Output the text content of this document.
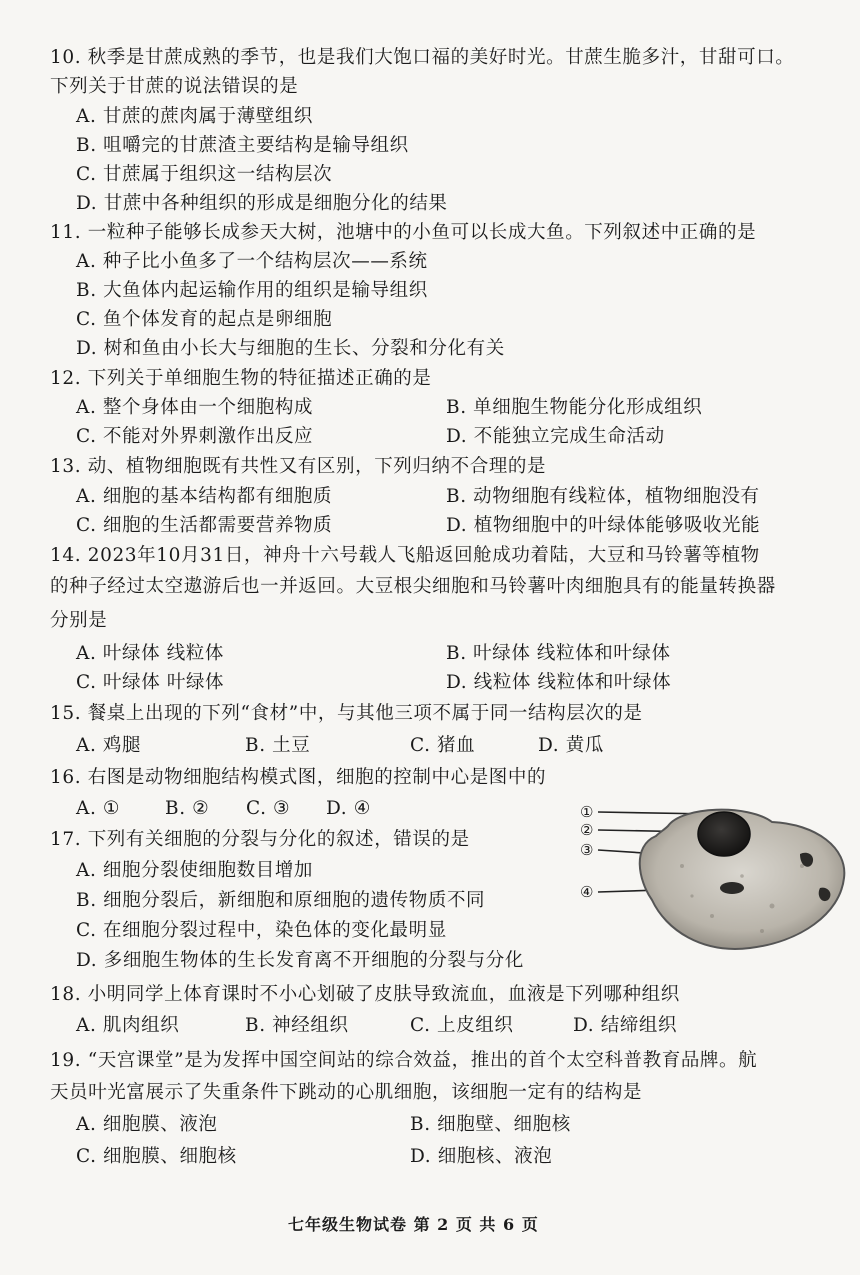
10. 秋季是甘蔗成熟的季节，也是我们大饱口福的美好时光。甘蔗生脆多汁，甘甜可口。
下列关于甘蔗的说法错误的是
A. 甘蔗的蔗肉属于薄壁组织
B. 咀嚼完的甘蔗渣主要结构是输导组织
C. 甘蔗属于组织这一结构层次
D. 甘蔗中各种组织的形成是细胞分化的结果
11. 一粒种子能够长成参天大树，池塘中的小鱼可以长成大鱼。下列叙述中正确的是
A. 种子比小鱼多了一个结构层次——系统
B. 大鱼体内起运输作用的组织是输导组织
C. 鱼个体发育的起点是卵细胞
D. 树和鱼由小长大与细胞的生长、分裂和分化有关
12. 下列关于单细胞生物的特征描述正确的是
A. 整个身体由一个细胞构成	B. 单细胞生物能分化形成组织
C. 不能对外界刺激作出反应	D. 不能独立完成生命活动
13. 动、植物细胞既有共性又有区别，下列归纳不合理的是
A. 细胞的基本结构都有细胞质	B. 动物细胞有线粒体，植物细胞没有
C. 细胞的生活都需要营养物质	D. 植物细胞中的叶绿体能够吸收光能
14. 2023年10月31日，神舟十六号载人飞船返回舱成功着陆，大豆和马铃薯等植物
的种子经过太空遨游后也一并返回。大豆根尖细胞和马铃薯叶肉细胞具有的能量转换器
分别是
A. 叶绿体 线粒体	B. 叶绿体 线粒体和叶绿体
C. 叶绿体 叶绿体	D. 线粒体 线粒体和叶绿体
15. 餐桌上出现的下列“食材”中，与其他三项不属于同一结构层次的是
A. 鸡腿	B. 土豆	C. 猪血	D. 黄瓜
16. 右图是动物细胞结构模式图，细胞的控制中心是图中的
A. ① B. ② C. ③ D. ④
17. 下列有关细胞的分裂与分化的叙述，错误的是
A. 细胞分裂使细胞数目增加
B. 细胞分裂后，新细胞和原细胞的遗传物质不同
C. 在细胞分裂过程中，染色体的变化最明显
D. 多细胞生物体的生长发育离不开细胞的分裂与分化
18. 小明同学上体育课时不小心划破了皮肤导致流血，血液是下列哪种组织
A. 肌肉组织	B. 神经组织	C. 上皮组织	D. 结缔组织
19. “天宫课堂”是为发挥中国空间站的综合效益，推出的首个太空科普教育品牌。航
天员叶光富展示了失重条件下跳动的心肌细胞，该细胞一定有的结构是
A. 细胞膜、液泡	B. 细胞壁、细胞核
C. 细胞膜、细胞核	D. 细胞核、液泡
①
②
③
④
七年级生物试卷 第 2 页 共 6 页
